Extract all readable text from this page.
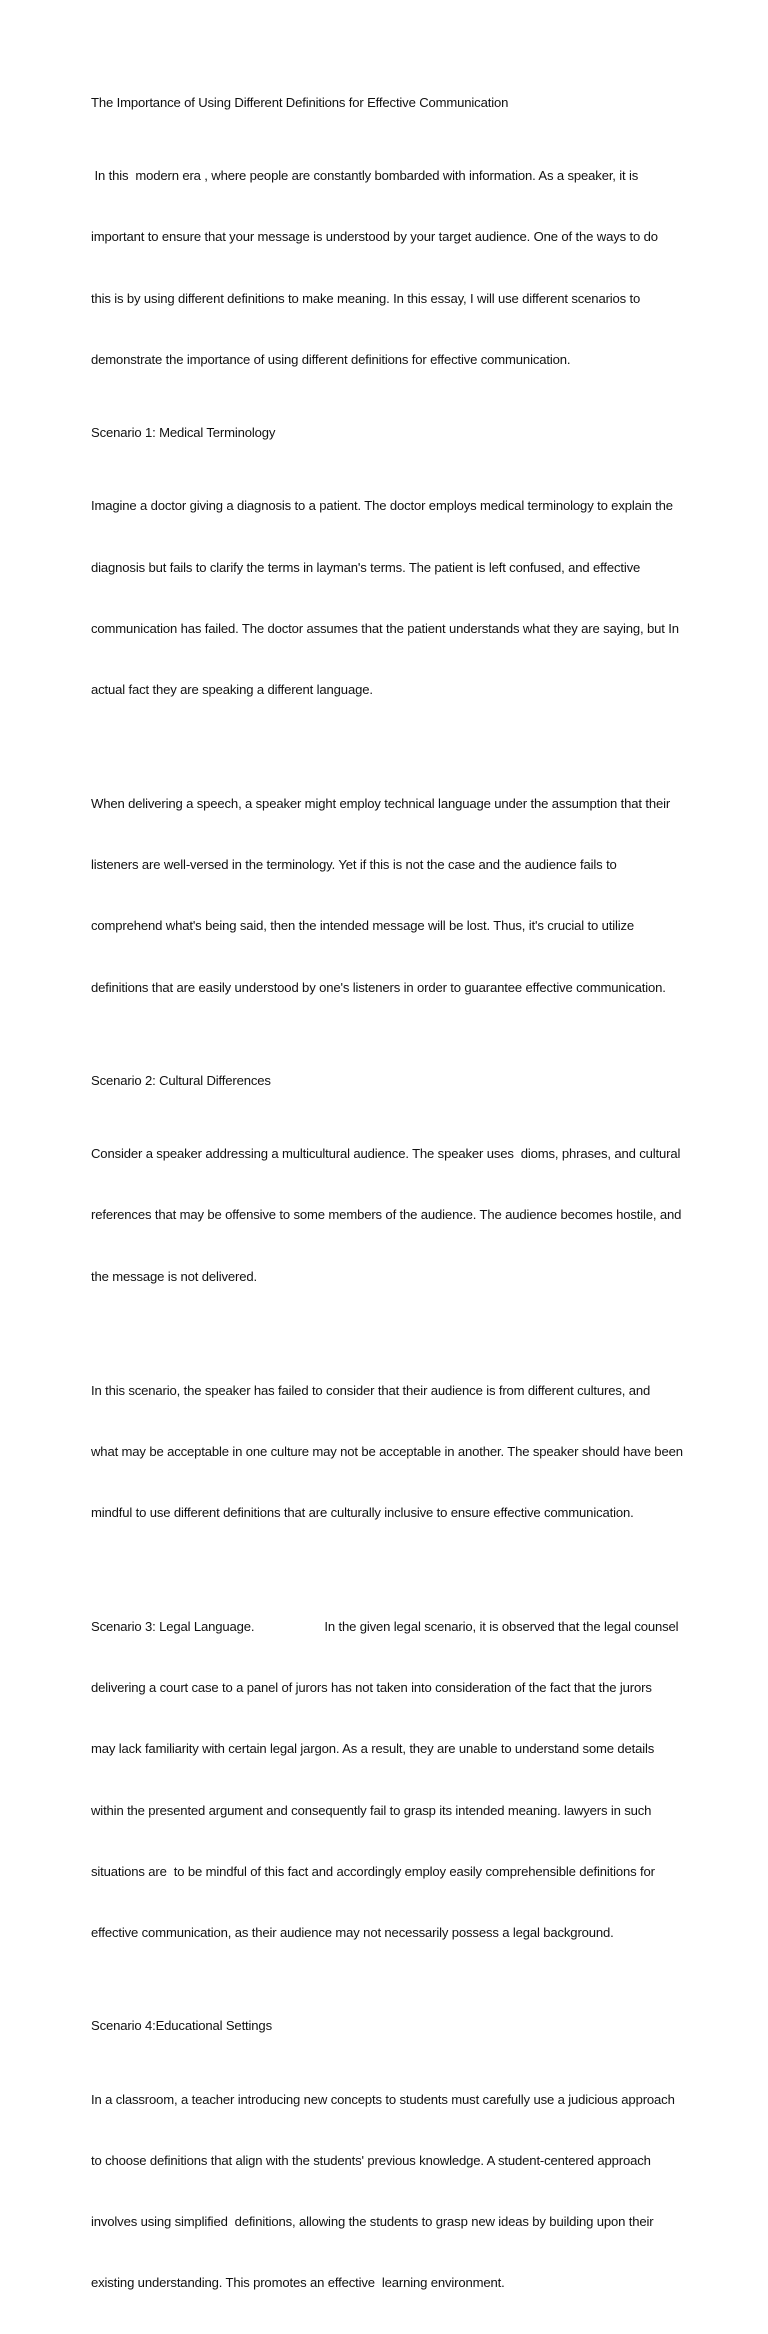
The Importance of Using Different Definitions for Effective Communication

In this  modern era , where people are constantly bombarded with information. As a speaker, it is

important to ensure that your message is understood by your target audience. One of the ways to do

this is by using different definitions to make meaning. In this essay, I will use different scenarios to

demonstrate the importance of using different definitions for effective communication.

Scenario 1: Medical Terminology

Imagine a doctor giving a diagnosis to a patient. The doctor employs medical terminology to explain the

diagnosis but fails to clarify the terms in layman's terms. The patient is left confused, and effective

communication has failed. The doctor assumes that the patient understands what they are saying, but In

actual fact they are speaking a different language.

When delivering a speech, a speaker might employ technical language under the assumption that their

listeners are well-versed in the terminology. Yet if this is not the case and the audience fails to

comprehend what's being said, then the intended message will be lost. Thus, it's crucial to utilize

definitions that are easily understood by one's listeners in order to guarantee effective communication.

Scenario 2: Cultural Differences

Consider a speaker addressing a multicultural audience. The speaker uses  dioms, phrases, and cultural

references that may be offensive to some members of the audience. The audience becomes hostile, and

the message is not delivered.

In this scenario, the speaker has failed to consider that their audience is from different cultures, and

what may be acceptable in one culture may not be acceptable in another. The speaker should have been

mindful to use different definitions that are culturally inclusive to ensure effective communication.

Scenario 3: Legal Language.	In the given legal scenario, it is observed that the legal counsel

delivering a court case to a panel of jurors has not taken into consideration of the fact that the jurors

may lack familiarity with certain legal jargon. As a result, they are unable to understand some details

within the presented argument and consequently fail to grasp its intended meaning. lawyers in such

situations are  to be mindful of this fact and accordingly employ easily comprehensible definitions for

effective communication, as their audience may not necessarily possess a legal background.

Scenario 4:Educational Settings

In a classroom, a teacher introducing new concepts to students must carefully use a judicious approach

to choose definitions that align with the students' previous knowledge. A student-centered approach

involves using simplified  definitions, allowing the students to grasp new ideas by building upon their

existing understanding. This promotes an effective  learning environment.
